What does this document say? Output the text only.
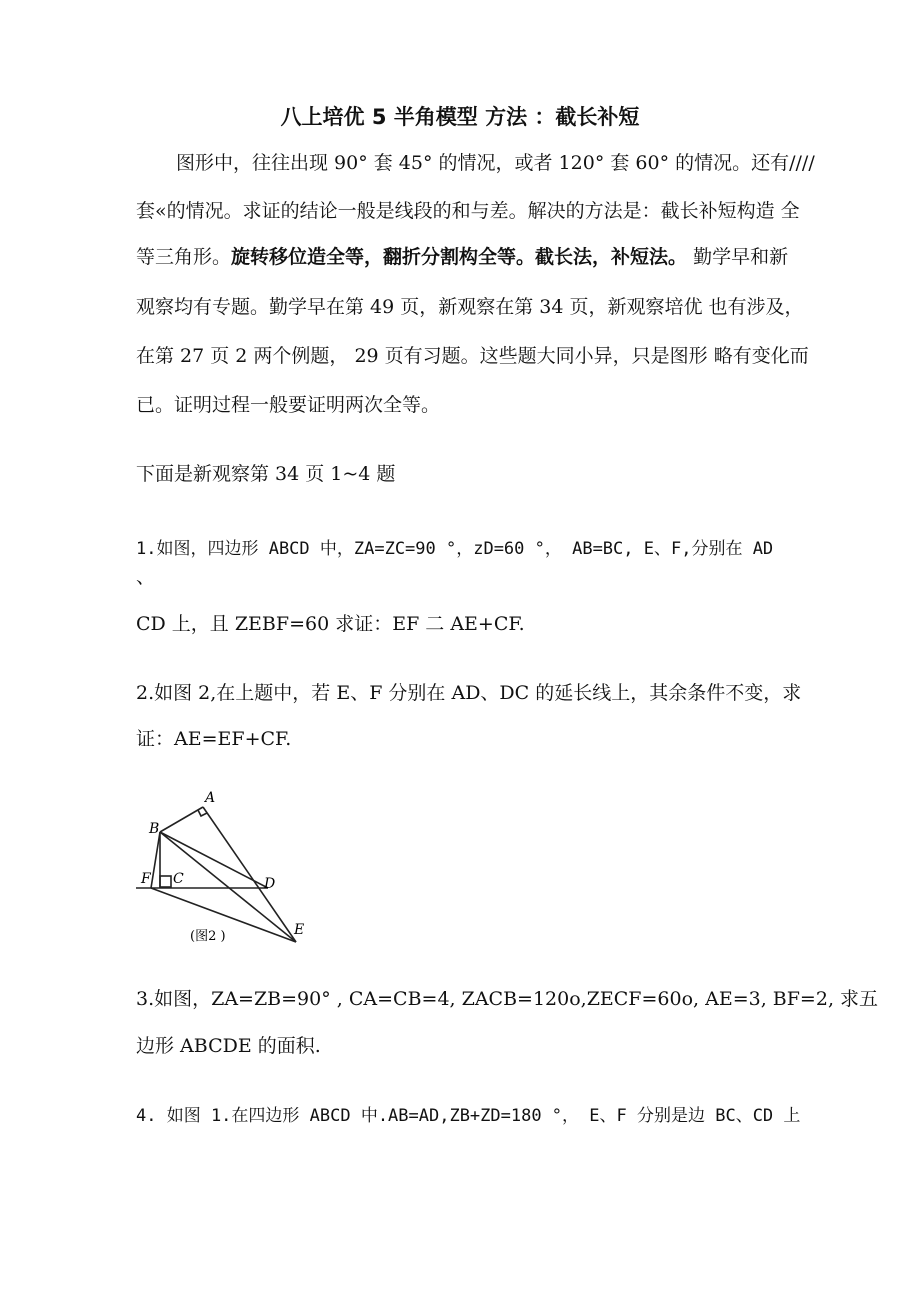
八上培优 5 半角模型 方法 ：截长补短
图形中，往往出现 90° 套 45° 的情况，或者 120° 套 60° 的情况。还有////
套«的情况。求证的结论一般是线段的和与差。解决的方法是：截长补短构造 全
等三角形。旋转移位造全等，翻折分割构全等。截长法，补短法。 勤学早和新
观察均有专题。勤学早在第 49 页，新观察在第 34 页，新观察培优 也有涉及，
在第 27 页 2 两个例题， 29 页有习题。这些题大同小异，只是图形 略有变化而
已。证明过程一般要证明两次全等。
下面是新观察第 34 页 1~4 题
1.如图，四边形 ABCD 中，ZA=ZC=90 °，zD=60 °， AB=BC, E、F,分别在 AD
、
CD 上，且 ZEBF=60 求证：EF 二 AE+CF.
2.如图 2,在上题中，若 E、F 分别在 AD、DC 的延长线上，其余条件不变，求
证：AE=EF+CF.
A
B
C	D
E
F
(图2 )
3.如图，ZA=ZB=90° , CA=CB=4, ZACB=120o,ZECF=60o, AE=3, BF=2, 求五
边形 ABCDE 的面积.
4. 如图 1.在四边形 ABCD 中.AB=AD,ZB+ZD=180 °， E、F 分别是边 BC、CD 上
